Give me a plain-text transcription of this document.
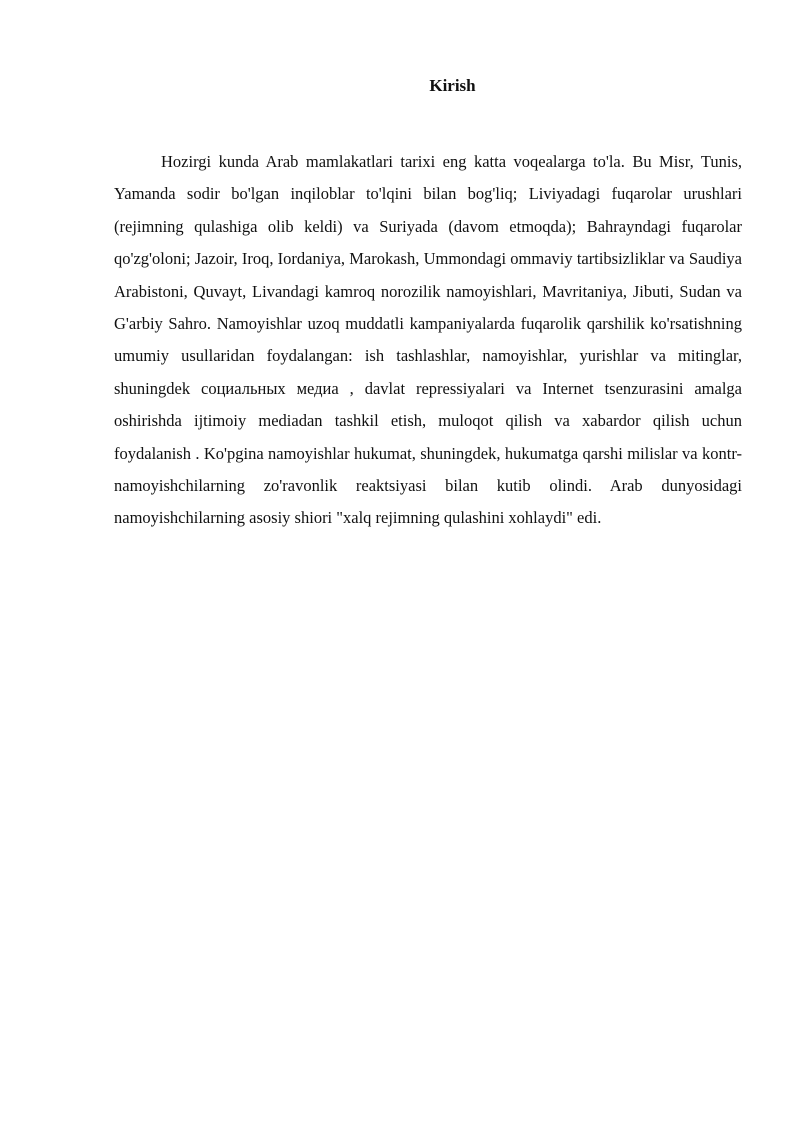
Kirish

Hozirgi kunda Arab mamlakatlari tarixi eng katta voqealarga to'la. Bu Misr, Tunis, Yamanda sodir bo'lgan inqiloblar to'lqini bilan bog'liq; Liviyadagi fuqarolar urushlari (rejimning qulashiga olib keldi) va Suriyada (davom etmoqda); Bahrayndagi fuqarolar qo'zg'oloni; Jazoir, Iroq, Iordaniya, Marokash, Ummondagi ommaviy tartibsizliklar va Saudiya Arabistoni, Quvayt, Livandagi kamroq norozilik namoyishlari, Mavritaniya, Jibuti, Sudan va G'arbiy Sahro. Namoyishlar uzoq muddatli kampaniyalarda fuqarolik qarshilik ko'rsatishning umumiy usullaridan foydalangan: ish tashlashlar, namoyishlar, yurishlar va mitinglar, shuningdek социальных медиа , davlat repressiyalari va Internet tsenzurasini amalga oshirishda ijtimoiy mediadan tashkil etish, muloqot qilish va xabardor qilish uchun foydalanish . Ko'pgina namoyishlar hukumat, shuningdek, hukumatga qarshi milislar va kontr-namoyishchilarning zo'ravonlik reaktsiyasi bilan kutib olindi. Arab dunyosidagi namoyishchilarning asosiy shiori "xalq rejimning qulashini xohlaydi" edi.
